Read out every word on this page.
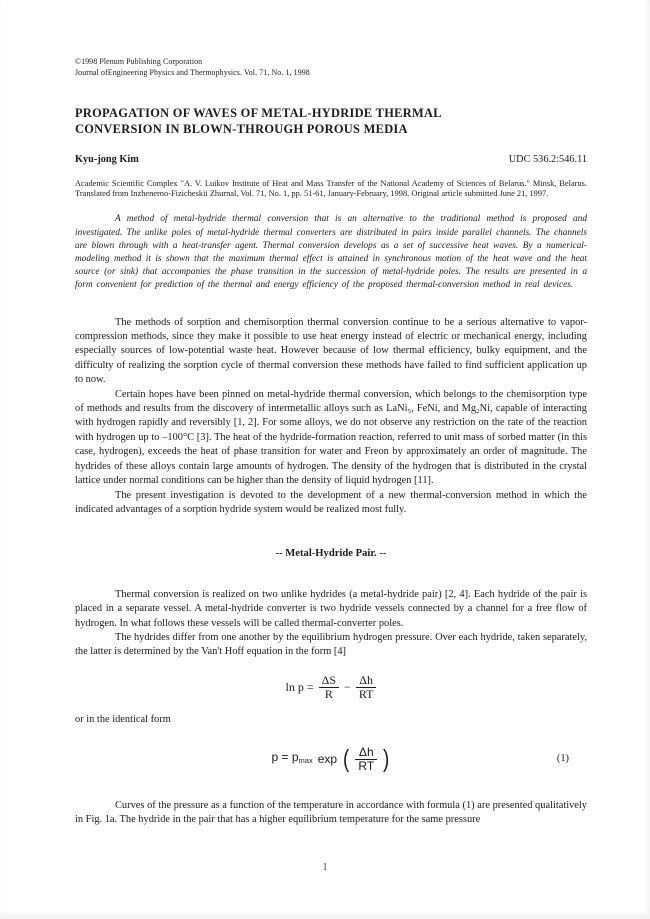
©1998 Plenum Publishing Corporation
Journal ofEngineering Physics and Thermophysics. Vol. 71, No. 1, 1998
PROPAGATION OF WAVES OF METAL-HYDRIDE THERMAL
CONVERSION IN BLOWN-THROUGH POROUS MEDIA
Kyu-jong Kim	UDC 536.2:546.11
Academic Scientific Complex "A. V. Luikov Institute of Heat and Mass Transfer of the National Academy of Sciences of Belarus." Minsk, Belarus. Translated from Inzhenerno-Fizicheskii Zhurnal, Vol. 71, No. 1, pp. 51-61, January-February, 1998. Original article submitted June 21, 1997.
A method of metal-hydride thermal conversion that is an alternative to the traditional method is proposed and investigated. The unlike poles of metal-hydride thermal converters are distributed in pairs inside parallel channels. The channels are blown through with a heat-transfer agent. Thermal conversion develops as a set of successive heat waves. By a numerical-modeling method it is shown that the maximum thermal effect is attained in synchronous motion of the heat wave and the heat source (or sink) that accompanies the phase transition in the succession of metal-hydride poles. The results are presented in a form convenient for prediction of the thermal and energy efficiency of the proposed thermal-conversion method in real devices.

The methods of sorption and chemisorption thermal conversion continue to be a serious alternative to vapor-compression methods, since they make it possible to use heat energy instead of electric or mechanical energy, including especially sources of low-potential waste heat. However because of low thermal efficiency, bulky equipment, and the difficulty of realizing the sorption cycle of thermal conversion these methods have failed to find sufficient application up to now.

Certain hopes have been pinned on metal-hydride thermal conversion, which belongs to the chemisorption type of methods and results from the discovery of intermetallic alloys such as LaNi₅, FeNi, and Mg₂Ni, capable of interacting with hydrogen rapidly and reversibly [1, 2]. For some alloys, we do not observe any restriction on the rate of the reaction with hydrogen up to –100°C [3]. The heat of the hydride-formation reaction, referred to unit mass of sorbed matter (in this case, hydrogen), exceeds the heat of phase transition for water and Freon by approximately an order of magnitude. The hydrides of these alloys contain large amounts of hydrogen. The density of the hydrogen that is distributed in the crystal lattice under normal conditions can be higher than the density of liquid hydrogen [11].

The present investigation is devoted to the development of a new thermal-conversion method in which the indicated advantages of a sorption hydride system would be realized most fully.

-- Metal-Hydride Pair. --

Thermal conversion is realized on two unlike hydrides (a metal-hydride pair) [2, 4]. Each hydride of the pair is placed in a separate vessel. A metal-hydride converter is two hydride vessels connected by a channel for a free flow of hydrogen. In what follows these vessels will be called thermal-converter poles.

The hydrides differ from one another by the equilibrium hydrogen pressure. Over each hydride, taken separately, the latter is determined by the Van't Hoff equation in the form [4]

$\ln p = \frac{\Delta S}{R} - \frac{\Delta h}{RT}$
or in the identical form
$p = p_{max}$ exp ( $\frac{\Delta h}{RT}$ )	(1)

Curves of the pressure as a function of the temperature in accordance with formula (1) are presented qualitatively in Fig. 1a. The hydride in the pair that has a higher equilibrium temperature for the same pressure

1
